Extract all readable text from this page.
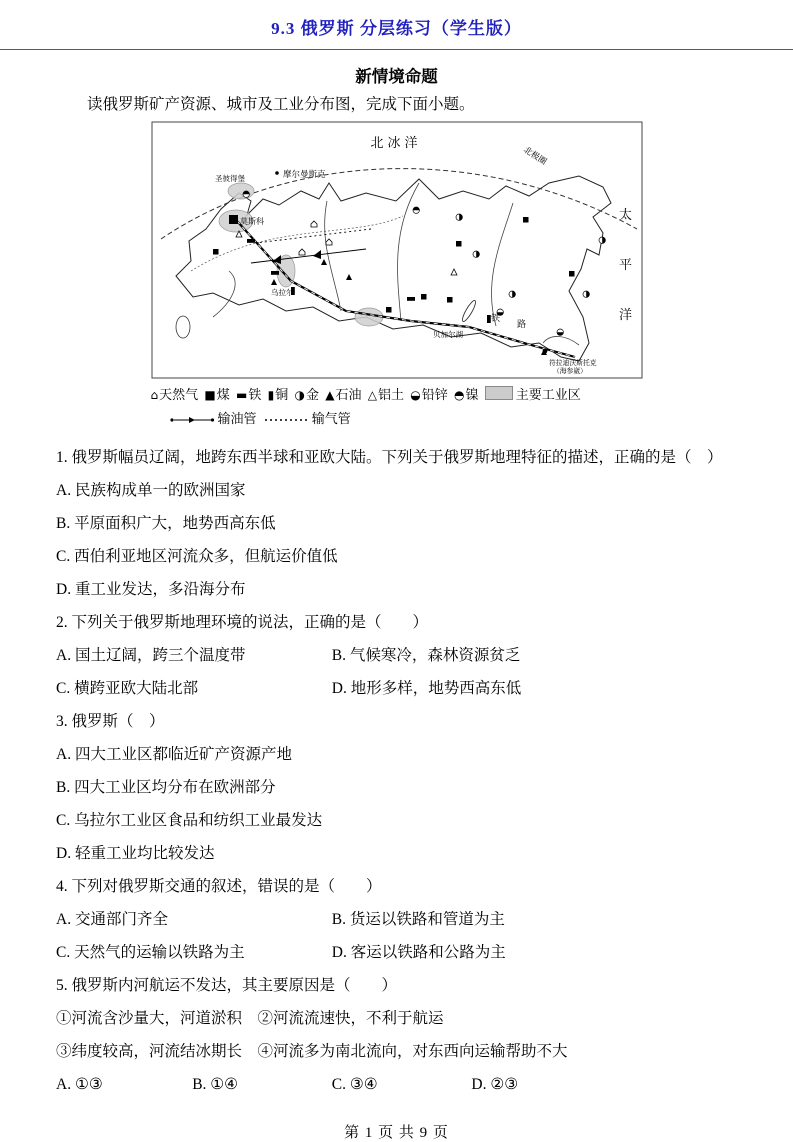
9.3 俄罗斯 分层练习（学生版）
新情境命题

读俄罗斯矿产资源、城市及工业分布图，完成下面小题。

北冰洋
北极圈
摩尔曼斯克
圣彼得堡
莫斯科
乌拉尔
贝加尔湖
铁
路
太
平
洋
符拉迪沃斯托克
（海参崴）
⌂天然气 ■煤 ▬铁 ▮铜 ◑金 ▲石油 △铝土 ◒铅锌 ◓镍	主要工业区
输油管	输气管

1. 俄罗斯幅员辽阔，地跨东西半球和亚欧大陆。下列关于俄罗斯地理特征的描述，正确的是（　）

A. 民族构成单一的欧洲国家

B. 平原面积广大，地势西高东低

C. 西伯利亚地区河流众多，但航运价值低

D. 重工业发达，多沿海分布

2. 下列关于俄罗斯地理环境的说法，正确的是（　　）

A. 国土辽阔，跨三个温度带	B. 气候寒冷，森林资源贫乏

C. 横跨亚欧大陆北部	D. 地形多样，地势西高东低

3. 俄罗斯（　）

A. 四大工业区都临近矿产资源产地

B. 四大工业区均分布在欧洲部分

C. 乌拉尔工业区食品和纺织工业最发达

D. 轻重工业均比较发达

4. 下列对俄罗斯交通的叙述，错误的是（　　）

A. 交通部门齐全	B. 货运以铁路和管道为主

C. 天然气的运输以铁路为主	D. 客运以铁路和公路为主

5. 俄罗斯内河航运不发达，其主要原因是（　　）

①河流含沙量大，河道淤积　②河流流速快，不利于航运

③纬度较高，河流结冰期长　④河流多为南北流向，对东西向运输帮助不大

A. ①③	B. ①④	C. ③④	D. ②③

第 1 页 共 9 页
